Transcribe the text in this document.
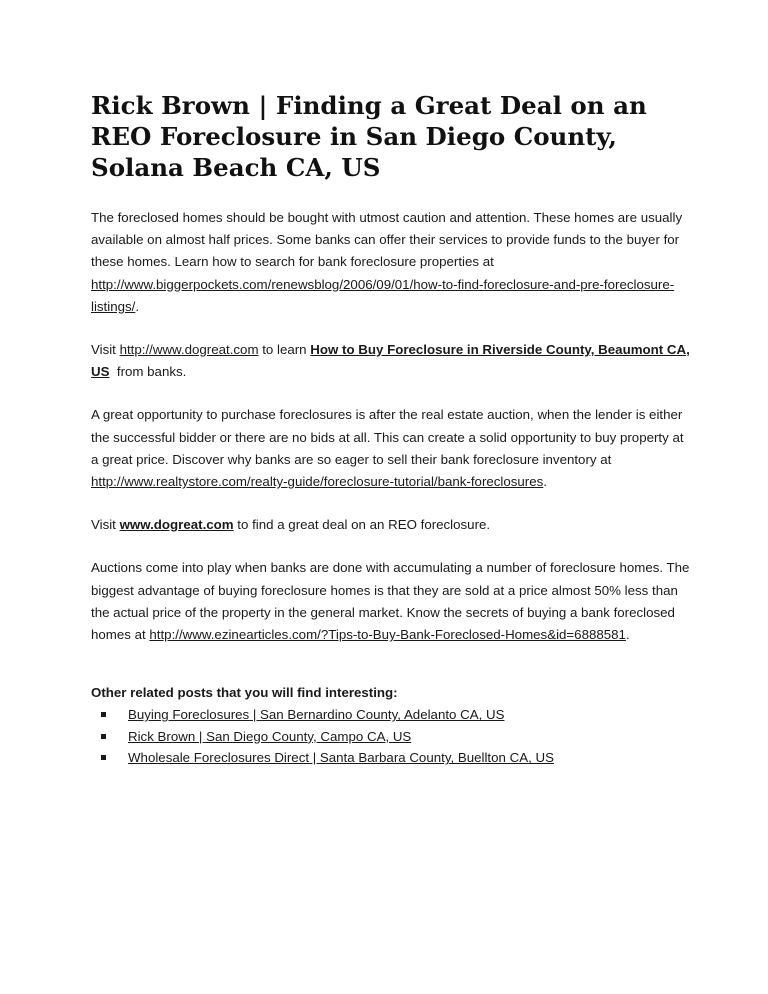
Rick Brown | Finding a Great Deal on an REO Foreclosure in San Diego County, Solana Beach CA, US

The foreclosed homes should be bought with utmost caution and attention. These homes are usually available on almost half prices. Some banks can offer their services to provide funds to the buyer for these homes. Learn how to search for bank foreclosure properties at http://www.biggerpockets.com/renewsblog/2006/09/01/how-to-find-foreclosure-and-pre-foreclosure-listings/.

Visit http://www.dogreat.com to learn How to Buy Foreclosure in Riverside County, Beaumont CA, US  from banks.

A great opportunity to purchase foreclosures is after the real estate auction, when the lender is either the successful bidder or there are no bids at all. This can create a solid opportunity to buy property at a great price. Discover why banks are so eager to sell their bank foreclosure inventory at http://www.realtystore.com/realty-guide/foreclosure-tutorial/bank-foreclosures.

Visit www.dogreat.com to find a great deal on an REO foreclosure.

Auctions come into play when banks are done with accumulating a number of foreclosure homes. The biggest advantage of buying foreclosure homes is that they are sold at a price almost 50% less than the actual price of the property in the general market. Know the secrets of buying a bank foreclosed homes at http://www.ezinearticles.com/?Tips-to-Buy-Bank-Foreclosed-Homes&id=6888581.

Other related posts that you will find interesting:

Buying Foreclosures | San Bernardino County, Adelanto CA, US
Rick Brown | San Diego County, Campo CA, US
Wholesale Foreclosures Direct | Santa Barbara County, Buellton CA, US
